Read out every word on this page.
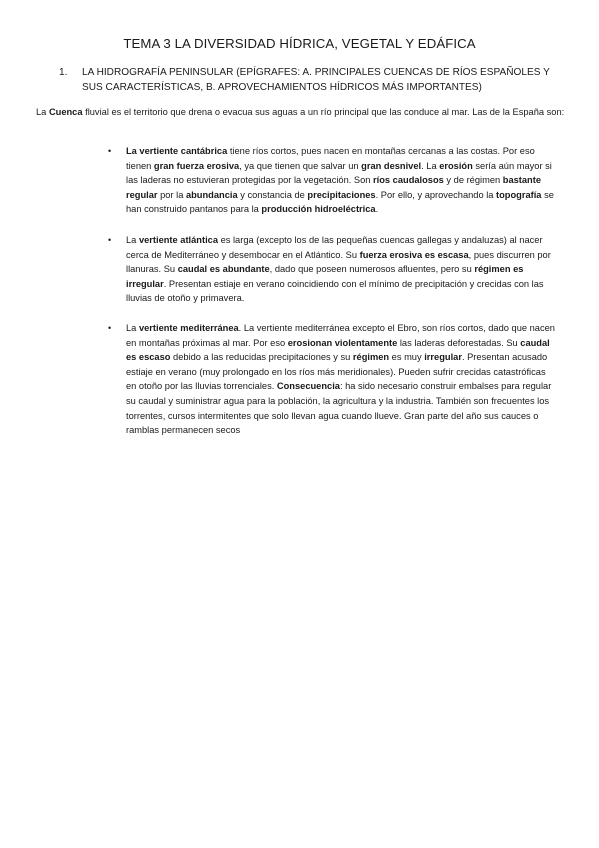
TEMA 3 LA DIVERSIDAD HÍDRICA, VEGETAL Y EDÁFICA
1. LA HIDROGRAFÍA PENINSULAR (EPÍGRAFES: A. PRINCIPALES CUENCAS DE RÍOS ESPAÑOLES Y SUS CARACTERÍSTICAS, B. APROVECHAMIENTOS HÍDRICOS MÁS IMPORTANTES)

La Cuenca fluvial es el territorio que drena o evacua sus aguas a un río principal que las conduce al mar. Las de la España son:

• La vertiente cantábrica tiene ríos cortos, pues nacen en montañas cercanas a las costas. Por eso tienen gran fuerza erosiva, ya que tienen que salvar un gran desnivel. La erosión sería aún mayor si las laderas no estuvieran protegidas por la vegetación. Son ríos caudalosos y de régimen bastante regular por la abundancia y constancia de precipitaciones. Por ello, y aprovechando la topografía se han construido pantanos para la producción hidroeléctrica.
• La vertiente atlántica es larga (excepto los de las pequeñas cuencas gallegas y andaluzas) al nacer cerca de Mediterráneo y desembocar en el Atlántico. Su fuerza erosiva es escasa, pues discurren por llanuras. Su caudal es abundante, dado que poseen numerosos afluentes, pero su régimen es irregular. Presentan estiaje en verano coincidiendo con el mínimo de precipitación y crecidas con las lluvias de otoño y primavera.
• La vertiente mediterránea. La vertiente mediterránea excepto el Ebro, son ríos cortos, dado que nacen en montañas próximas al mar. Por eso erosionan violentamente las laderas deforestadas. Su caudal es escaso debido a las reducidas precipitaciones y su régimen es muy irregular. Presentan acusado estiaje en verano (muy prolongado en los ríos más meridionales). Pueden sufrir crecidas catastróficas en otoño por las lluvias torrenciales. Consecuencia: ha sido necesario construir embalses para regular su caudal y suministrar agua para la población, la agricultura y la industria. También son frecuentes los torrentes, cursos intermitentes que solo llevan agua cuando llueve. Gran parte del año sus cauces o ramblas permanecen secos
